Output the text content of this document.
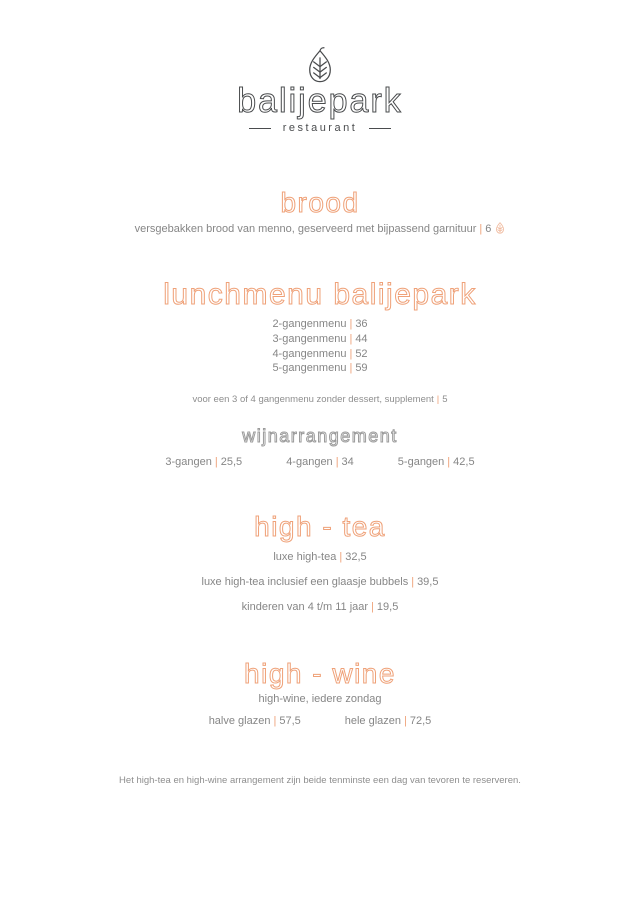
balijepark
restaurant
brood
versgebakken brood van menno, geserveerd met bijpassend garnituur | 6
lunchmenu balijepark
2-gangenmenu | 36
3-gangenmenu | 44
4-gangenmenu | 52
5-gangenmenu | 59
voor een 3 of 4 gangenmenu zonder dessert, supplement | 5
wijnarrangement
3-gangen | 25,5	4-gangen | 34	5-gangen | 42,5
high - tea
luxe high-tea | 32,5
luxe high-tea inclusief een glaasje bubbels | 39,5
kinderen van 4 t/m 11 jaar | 19,5
high - wine
high-wine, iedere zondag
halve glazen | 57,5	hele glazen | 72,5
Het high-tea en high-wine arrangement zijn beide tenminste een dag van tevoren te reserveren.
